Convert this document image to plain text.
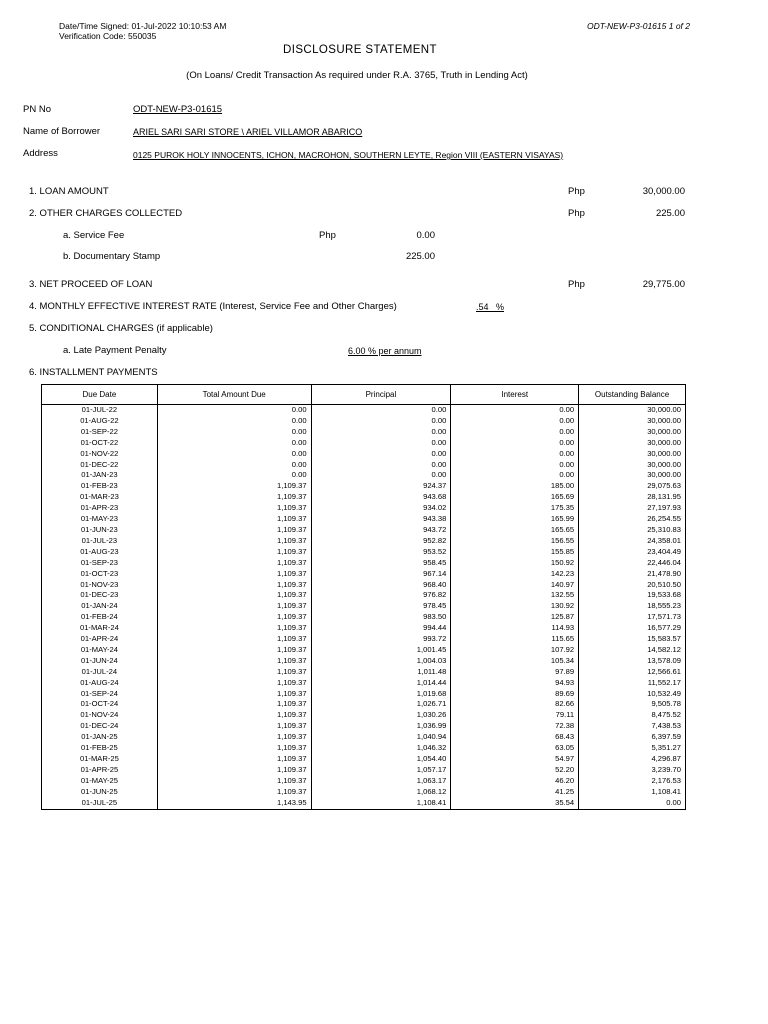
Date/Time Signed: 01-Jul-2022 10:10:53 AM
Verification Code: 550035
ODT-NEW-P3-01615 1 of 2
DISCLOSURE STATEMENT
(On Loans/ Credit Transaction As required under R.A. 3765, Truth in Lending Act)
PN No	ODT-NEW-P3-01615
Name of Borrower	ARIEL SARI SARI STORE \ ARIEL VILLAMOR ABARICO
Address	0125 PUROK HOLY INNOCENTS, ICHON, MACROHON, SOUTHERN LEYTE, Region VIII (EASTERN VISAYAS)
1. LOAN AMOUNT	Php	30,000.00
2. OTHER CHARGES COLLECTED	Php	225.00
a. Service Fee	Php	0.00
b. Documentary Stamp	225.00
3. NET PROCEED OF LOAN	Php	29,775.00
4. MONTHLY EFFECTIVE INTEREST RATE (Interest, Service Fee and Other Charges)	.54   %
5. CONDITIONAL CHARGES (if applicable)
a. Late Payment Penalty	6.00 % per annum
6. INSTALLMENT PAYMENTS
Due Date	Total Amount Due	Principal	Interest	Outstanding Balance
01-JUL-22	0.00	0.00	0.00	30,000.00
01-AUG-22	0.00	0.00	0.00	30,000.00
01-SEP-22	0.00	0.00	0.00	30,000.00
01-OCT-22	0.00	0.00	0.00	30,000.00
01-NOV-22	0.00	0.00	0.00	30,000.00
01-DEC-22	0.00	0.00	0.00	30,000.00
01-JAN-23	0.00	0.00	0.00	30,000.00
01-FEB-23	1,109.37	924.37	185.00	29,075.63
01-MAR-23	1,109.37	943.68	165.69	28,131.95
01-APR-23	1,109.37	934.02	175.35	27,197.93
01-MAY-23	1,109.37	943.38	165.99	26,254.55
01-JUN-23	1,109.37	943.72	165.65	25,310.83
01-JUL-23	1,109.37	952.82	156.55	24,358.01
01-AUG-23	1,109.37	953.52	155.85	23,404.49
01-SEP-23	1,109.37	958.45	150.92	22,446.04
01-OCT-23	1,109.37	967.14	142.23	21,478.90
01-NOV-23	1,109.37	968.40	140.97	20,510.50
01-DEC-23	1,109.37	976.82	132.55	19,533.68
01-JAN-24	1,109.37	978.45	130.92	18,555.23
01-FEB-24	1,109.37	983.50	125.87	17,571.73
01-MAR-24	1,109.37	994.44	114.93	16,577.29
01-APR-24	1,109.37	993.72	115.65	15,583.57
01-MAY-24	1,109.37	1,001.45	107.92	14,582.12
01-JUN-24	1,109.37	1,004.03	105.34	13,578.09
01-JUL-24	1,109.37	1,011.48	97.89	12,566.61
01-AUG-24	1,109.37	1,014.44	94.93	11,552.17
01-SEP-24	1,109.37	1,019.68	89.69	10,532.49
01-OCT-24	1,109.37	1,026.71	82.66	9,505.78
01-NOV-24	1,109.37	1,030.26	79.11	8,475.52
01-DEC-24	1,109.37	1,036.99	72.38	7,438.53
01-JAN-25	1,109.37	1,040.94	68.43	6,397.59
01-FEB-25	1,109.37	1,046.32	63.05	5,351.27
01-MAR-25	1,109.37	1,054.40	54.97	4,296.87
01-APR-25	1,109.37	1,057.17	52.20	3,239.70
01-MAY-25	1,109.37	1,063.17	46.20	2,176.53
01-JUN-25	1,109.37	1,068.12	41.25	1,108.41
01-JUL-25	1,143.95	1,108.41	35.54	0.00
